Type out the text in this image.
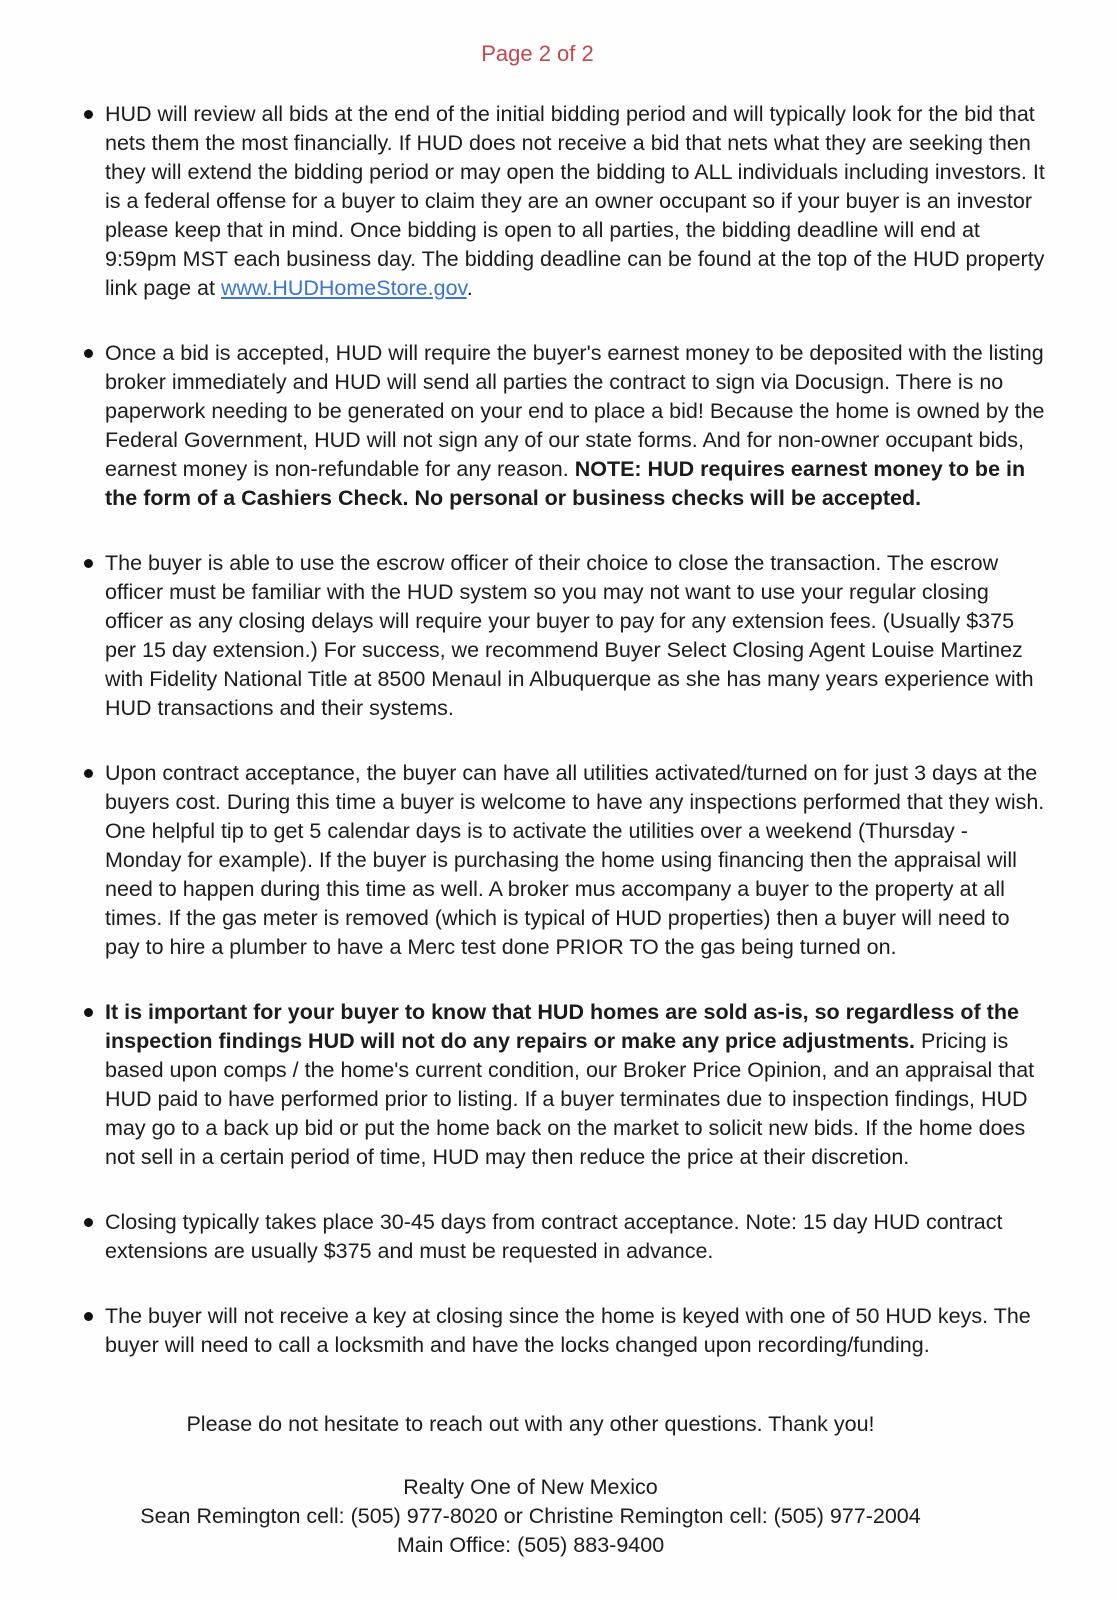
Page 2 of 2
HUD will review all bids at the end of the initial bidding period and will typically look for the bid that nets them the most financially. If HUD does not receive a bid that nets what they are seeking then they will extend the bidding period or may open the bidding to ALL individuals including investors. It is a federal offense for a buyer to claim they are an owner occupant so if your buyer is an investor please keep that in mind. Once bidding is open to all parties, the bidding deadline will end at 9:59pm MST each business day. The bidding deadline can be found at the top of the HUD property link page at www.HUDHomeStore.gov.
Once a bid is accepted, HUD will require the buyer's earnest money to be deposited with the listing broker immediately and HUD will send all parties the contract to sign via Docusign. There is no paperwork needing to be generated on your end to place a bid! Because the home is owned by the Federal Government, HUD will not sign any of our state forms. And for non-owner occupant bids, earnest money is non-refundable for any reason. NOTE: HUD requires earnest money to be in the form of a Cashiers Check. No personal or business checks will be accepted.
The buyer is able to use the escrow officer of their choice to close the transaction. The escrow officer must be familiar with the HUD system so you may not want to use your regular closing officer as any closing delays will require your buyer to pay for any extension fees. (Usually $375 per 15 day extension.) For success, we recommend Buyer Select Closing Agent Louise Martinez with Fidelity National Title at 8500 Menaul in Albuquerque as she has many years experience with HUD transactions and their systems.
Upon contract acceptance, the buyer can have all utilities activated/turned on for just 3 days at the buyers cost. During this time a buyer is welcome to have any inspections performed that they wish. One helpful tip to get 5 calendar days is to activate the utilities over a weekend (Thursday - Monday for example). If the buyer is purchasing the home using financing then the appraisal will need to happen during this time as well. A broker mus accompany a buyer to the property at all times. If the gas meter is removed (which is typical of HUD properties) then a buyer will need to pay to hire a plumber to have a Merc test done PRIOR TO the gas being turned on.
It is important for your buyer to know that HUD homes are sold as-is, so regardless of the inspection findings HUD will not do any repairs or make any price adjustments. Pricing is based upon comps / the home's current condition, our Broker Price Opinion, and an appraisal that HUD paid to have performed prior to listing. If a buyer terminates due to inspection findings, HUD may go to a back up bid or put the home back on the market to solicit new bids. If the home does not sell in a certain period of time, HUD may then reduce the price at their discretion.
Closing typically takes place 30-45 days from contract acceptance. Note: 15 day HUD contract extensions are usually $375 and must be requested in advance.
The buyer will not receive a key at closing since the home is keyed with one of 50 HUD keys. The buyer will need to call a locksmith and have the locks changed upon recording/funding.

Please do not hesitate to reach out with any other questions. Thank you!

Realty One of New Mexico

Sean Remington cell: (505) 977-8020 or Christine Remington cell: (505) 977-2004

Main Office: (505) 883-9400
